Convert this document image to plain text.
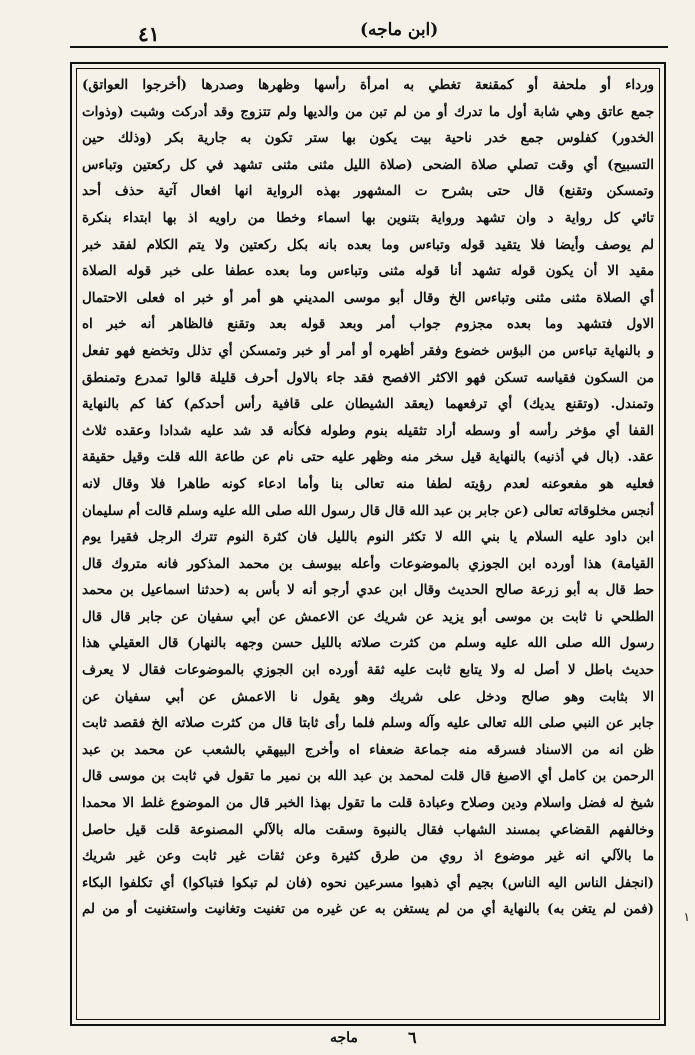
٤١	(ابن ماجه)
ورداء أو ملحفة أو كمقنعة تغطي به امرأة رأسها وظهرها وصدرها (أخرجوا العواتق)
جمع عاتق وهي شابة أول ما تدرك أو من لم تبن من والديها ولم تتزوج وقد أدركت وشبت (وذوات
الخدور) كفلوس جمع خدر ناحية بيت يكون بها ستر تكون به جارية بكر (وذلك حين
التسبيح) أي وقت تصلي صلاة الضحى (صلاة الليل مثنى مثنى تشهد في كل ركعتين وتباءس
وتمسكن وتقنع) قال حتى بشرح ت المشهور بهذه الرواية انها افعال آتية حذف أحد
تائي كل رواية د وان تشهد ورواية بتنوين بها اسماء وخطا من راويه اذ بها ابتداء بنكرة
لم يوصف وأيضا فلا يتقيد قوله وتباءس وما بعده بانه بكل ركعتين ولا يتم الكلام لفقد خبر
مقيد الا أن يكون قوله تشهد أنا قوله مثنى وتباءس وما بعده عطفا على خبر قوله الصلاة
أي الصلاة مثنى مثنى وتباءس الخ وقال أبو موسى المديني هو أمر أو خبر اه فعلى الاحتمال
الاول فتشهد وما بعده مجزوم جواب أمر وبعد قوله بعد وتقنع فالظاهر أنه خبر اه
و بالنهاية تباءس من البؤس خضوع وفقر أظهره أو أمر أو خبر وتمسكن أي تذلل وتخضع فهو تفعل
من السكون فقياسه تسكن فهو الاكثر الافصح فقد جاء بالاول أحرف قليلة قالوا تمدرع وتمنطق
وتمندل. (وتقنع يديك) أي ترفعهما (يعقد الشيطان على قافية رأس أحدكم) كفا كم بالنهاية
القفا أي مؤخر رأسه أو وسطه أراد تثقيله بنوم وطوله فكأنه قد شد عليه شدادا وعقده ثلاث
عقد. (بال في أذنيه) بالنهاية قيل سخر منه وظهر عليه حتى نام عن طاعة الله قلت وقيل حقيقة
فعليه هو مفعوعنه لعدم رؤيته لطفا منه تعالى بنا وأما ادعاء كونه طاهرا فلا وقال لانه
أنجس مخلوقاته تعالى (عن جابر بن عبد الله قال قال رسول الله صلى الله عليه وسلم قالت أم سليمان
ابن داود عليه السلام يا بني الله لا تكثر النوم بالليل فان كثرة النوم تترك الرجل فقيرا يوم
القيامة) هذا أورده ابن الجوزي بالموضوعات وأعله بيوسف بن محمد المذكور فانه متروك قال
حط قال به أبو زرعة صالح الحديث وقال ابن عدي أرجو أنه لا بأس به (حدثنا اسماعيل بن محمد
الطلحي نا ثابت بن موسى أبو يزيد عن شريك عن الاعمش عن أبي سفيان عن جابر قال قال
رسول الله صلى الله عليه وسلم من كثرت صلاته بالليل حسن وجهه بالنهار) قال العقيلي هذا
حديث باطل لا أصل له ولا يتابع ثابت عليه ثقة أورده ابن الجوزي بالموضوعات فقال لا يعرف
الا بثابت وهو صالح ودخل على شريك وهو يقول نا الاعمش عن أبي سفيان عن
جابر عن النبي صلى الله تعالى عليه وآله وسلم فلما رأى ثابتا قال من كثرت صلاته الخ فقصد ثابت
ظن انه من الاسناد فسرقه منه جماعة ضعفاء اه وأخرج البيهقي بالشعب عن محمد بن عبد
الرحمن بن كامل أي الاصبغ قال قلت لمحمد بن عبد الله بن نمير ما تقول في ثابت بن موسى قال
شيخ له فضل واسلام ودين وصلاح وعبادة قلت ما تقول بهذا الخبر قال من الموضوع غلط الا محمدا
وخالفهم القضاعي بمسند الشهاب فقال بالنبوة وسقت ماله بالآلي المصنوعة قلت قيل حاصل
ما بالآلي انه غير موضوع اذ روي من طرق كثيرة وعن ثقات غير ثابت وعن غير شريك
(انجفل الناس اليه الناس) بجيم أي ذهبوا مسرعين نحوه (فان لم تبكوا فتباكوا) أي تكلفوا البكاء
(فمن لم يتغن به) بالنهاية أي من لم يستغن به عن غيره من تغنيت وتغانيت واستغنيت أو من لم
ماجه	٦
١
